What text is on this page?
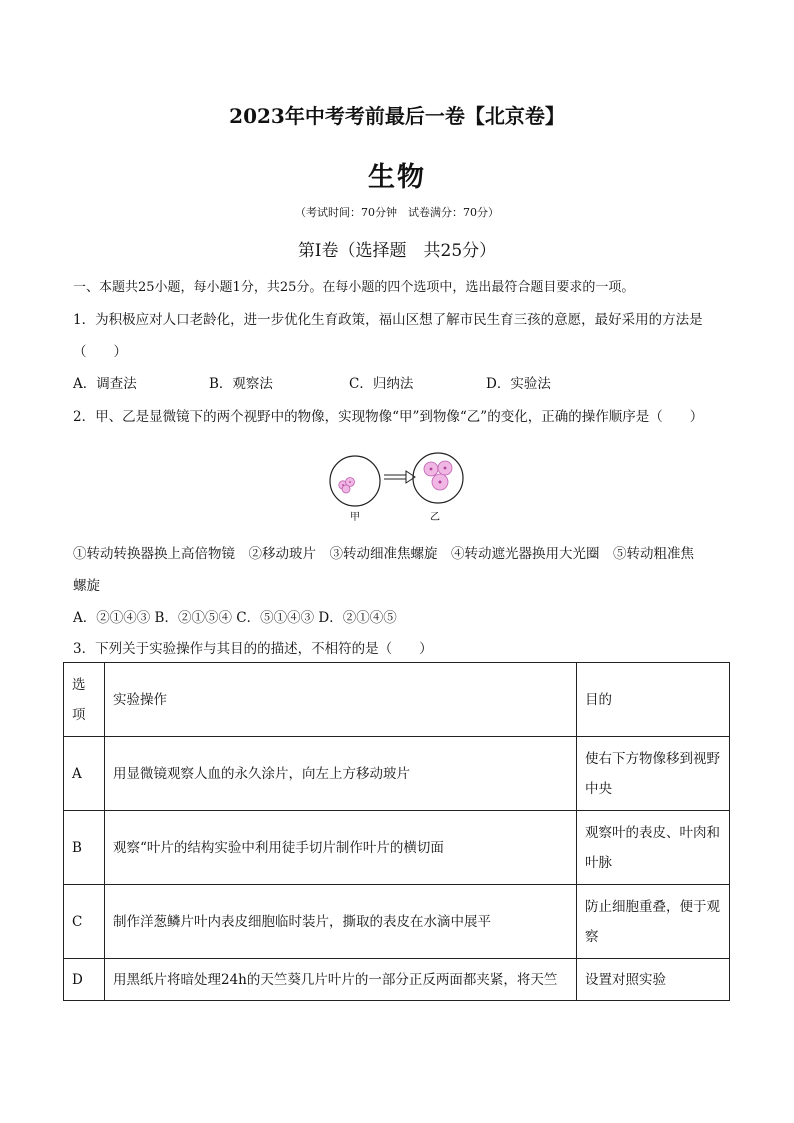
2023年中考考前最后一卷【北京卷】
生物
（考试时间：70分钟　试卷满分：70分）
第Ⅰ卷（选择题　共25分）
一、本题共25小题，每小题1分，共25分。在每小题的四个选项中，选出最符合题目要求的一项。
1．为积极应对人口老龄化，进一步优化生育政策，福山区想了解市民生育三孩的意愿，最好采用的方法是
（　　）
A．调查法	B．观察法	C．归纳法	D．实验法
2．甲、乙是显微镜下的两个视野中的物像，实现物像“甲”到物像“乙”的变化，正确的操作顺序是（　　）
甲	乙
①转动转换器换上高倍物镜　②移动玻片　③转动细准焦螺旋　④转动遮光器换用大光圈　⑤转动粗准焦
螺旋
A．②①④③ B．②①⑤④ C．⑤①④③ D．②①④⑤
3．下列关于实验操作与其目的的描述，不相符的是（　　）
选项	实验操作	目的
A	用显微镜观察人血的永久涂片，向左上方移动玻片	使右下方物像移到视野中央
B	观察“叶片的结构实验中利用徒手切片制作叶片的横切面	观察叶的表皮、叶肉和叶脉
C	制作洋葱鳞片叶内表皮细胞临时装片，撕取的表皮在水滴中展平	防止细胞重叠，便于观察
D	用黑纸片将暗处理24h的天竺葵几片叶片的一部分正反两面都夹紧，将天竺	设置对照实验
